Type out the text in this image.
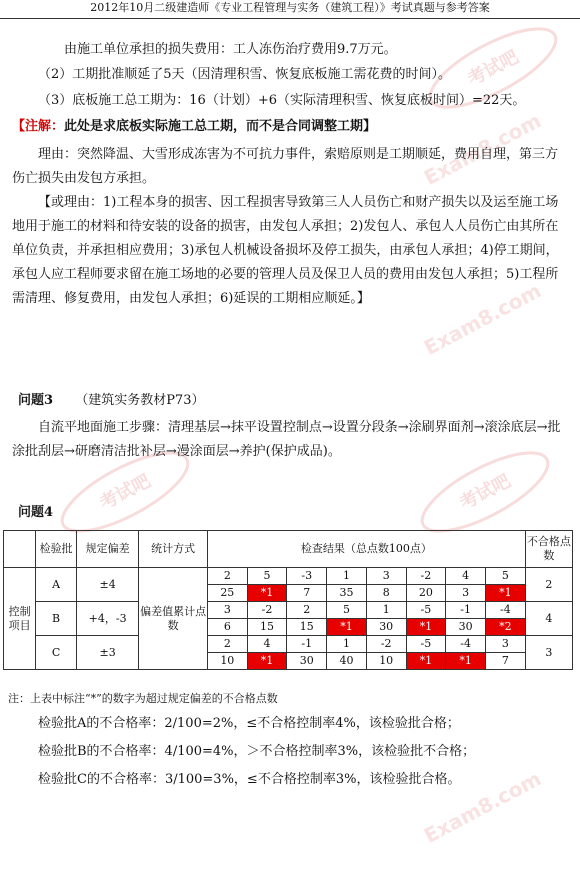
考试吧
Exam8.com
Exam8.com
考试吧	考试吧
Exam8.com
2012年10月二级建造师《专业工程管理与实务（建筑工程）》考试真题与参考答案
由施工单位承担的损失费用：工人冻伤治疗费用9.7万元。
（2）工期批准顺延了5天（因清理积雪、恢复底板施工需花费的时间）。
（3）底板施工总工期为：16（计划）+6（实际清理积雪、恢复底板时间）=22天。
【注解：此处是求底板实际施工总工期，而不是合同调整工期】
理由：突然降温、大雪形成冻害为不可抗力事件，索赔原则是工期顺延，费用自理，第三方伤亡损失由发包方承担。
【或理由：1)工程本身的损害、因工程损害导致第三人人员伤亡和财产损失以及运至施工场地用于施工的材料和待安装的设备的损害，由发包人承担；2)发包人、承包人人员伤亡由其所在单位负责，并承担相应费用；3)承包人机械设备损坏及停工损失，由承包人承担；4)停工期间，承包人应工程师要求留在施工场地的必要的管理人员及保卫人员的费用由发包人承担；5)工程所需清理、修复费用，由发包人承担；6)延误的工期相应顺延。】
问题3 （建筑实务教材P73）
自流平地面施工步骤：清理基层→抹平设置控制点→设置分段条→涂刷界面剂→滚涂底层→批涂批刮层→研磨清洁批补层→漫涂面层→养护(保护成品)。
问题4
	检验批	规定偏差	统计方式	检查结果（总点数100点）								不合格点数
控制项目	A	±4	偏差值累计点数	2	5	-3	1	3	-2	4	5	2
				25	*1	7	35	8	20	3	*1	
	B	+4，-3		3	-2	2	5	1	-5	-1	-4	4
				6	15	15	*1	30	*1	30	*2	
	C	±3		2	4	-1	1	-2	-5	-4	3	3
				10	*1	30	40	10	*1	*1	7	
注：上表中标注“*”的数字为超过规定偏差的不合格点数
检验批A的不合格率：2/100=2%，≤不合格控制率4%，该检验批合格；
检验批B的不合格率：4/100=4%，＞不合格控制率3%，该检验批不合格；
检验批C的不合格率：3/100=3%，≤不合格控制率3%，该检验批合格。
